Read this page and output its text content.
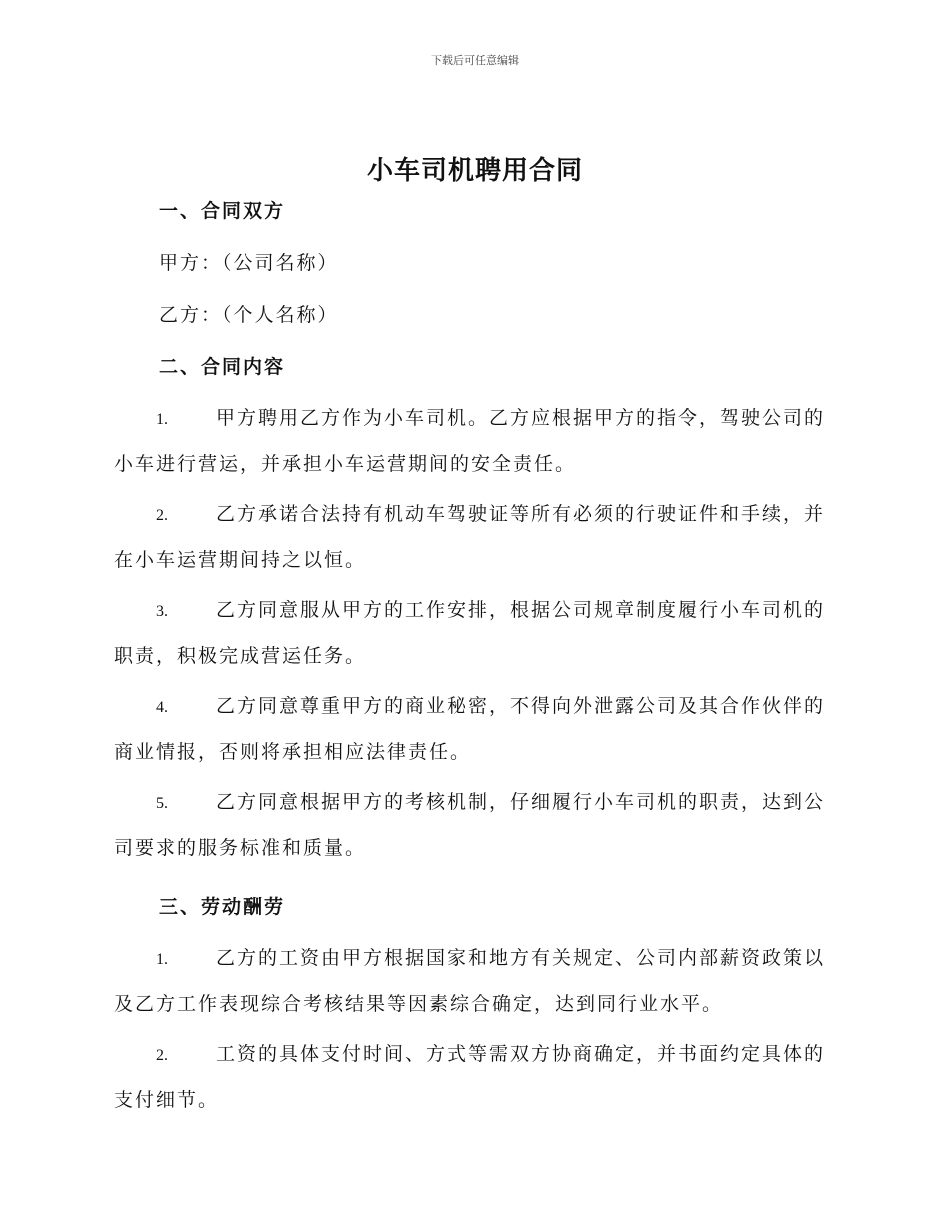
下载后可任意编辑
小车司机聘用合同

一、合同双方

甲方：（公司名称）

乙方：（个人名称）

二、合同内容

1.	甲方聘用乙方作为小车司机。乙方应根据甲方的指令，驾驶公司的小车进行营运，并承担小车运营期间的安全责任。

2.	乙方承诺合法持有机动车驾驶证等所有必须的行驶证件和手续，并在小车运营期间持之以恒。

3.	乙方同意服从甲方的工作安排，根据公司规章制度履行小车司机的职责，积极完成营运任务。

4.	乙方同意尊重甲方的商业秘密，不得向外泄露公司及其合作伙伴的商业情报，否则将承担相应法律责任。

5.	乙方同意根据甲方的考核机制，仔细履行小车司机的职责，达到公司要求的服务标准和质量。

三、劳动酬劳

1.	乙方的工资由甲方根据国家和地方有关规定、公司内部薪资政策以及乙方工作表现综合考核结果等因素综合确定，达到同行业水平。

2.	工资的具体支付时间、方式等需双方协商确定，并书面约定具体的支付细节。
